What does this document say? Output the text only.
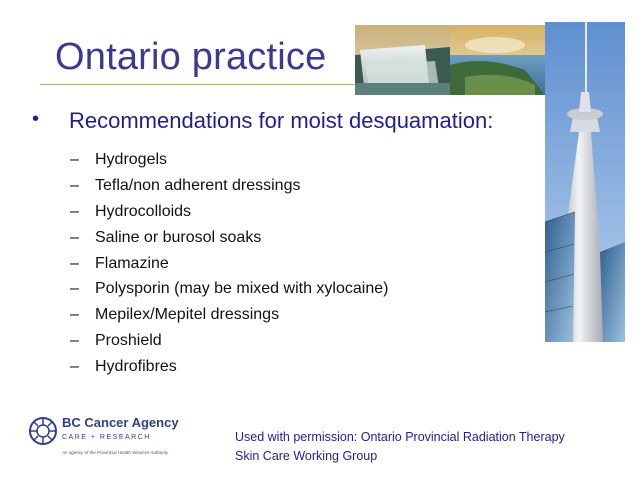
Ontario practice
• Recommendations for moist desquamation:
– Hydrogels
– Tefla/non adherent dressings
– Hydrocolloids
– Saline or burosol soaks
– Flamazine
– Polysporin (may be mixed with xylocaine)
– Mepilex/Mepitel dressings
– Proshield
– Hydrofibres
BC Cancer Agency
CARE + RESEARCH
An agency of the Provincial Health Services Authority
Used with permission: Ontario Provincial Radiation Therapy
Skin Care Working Group
